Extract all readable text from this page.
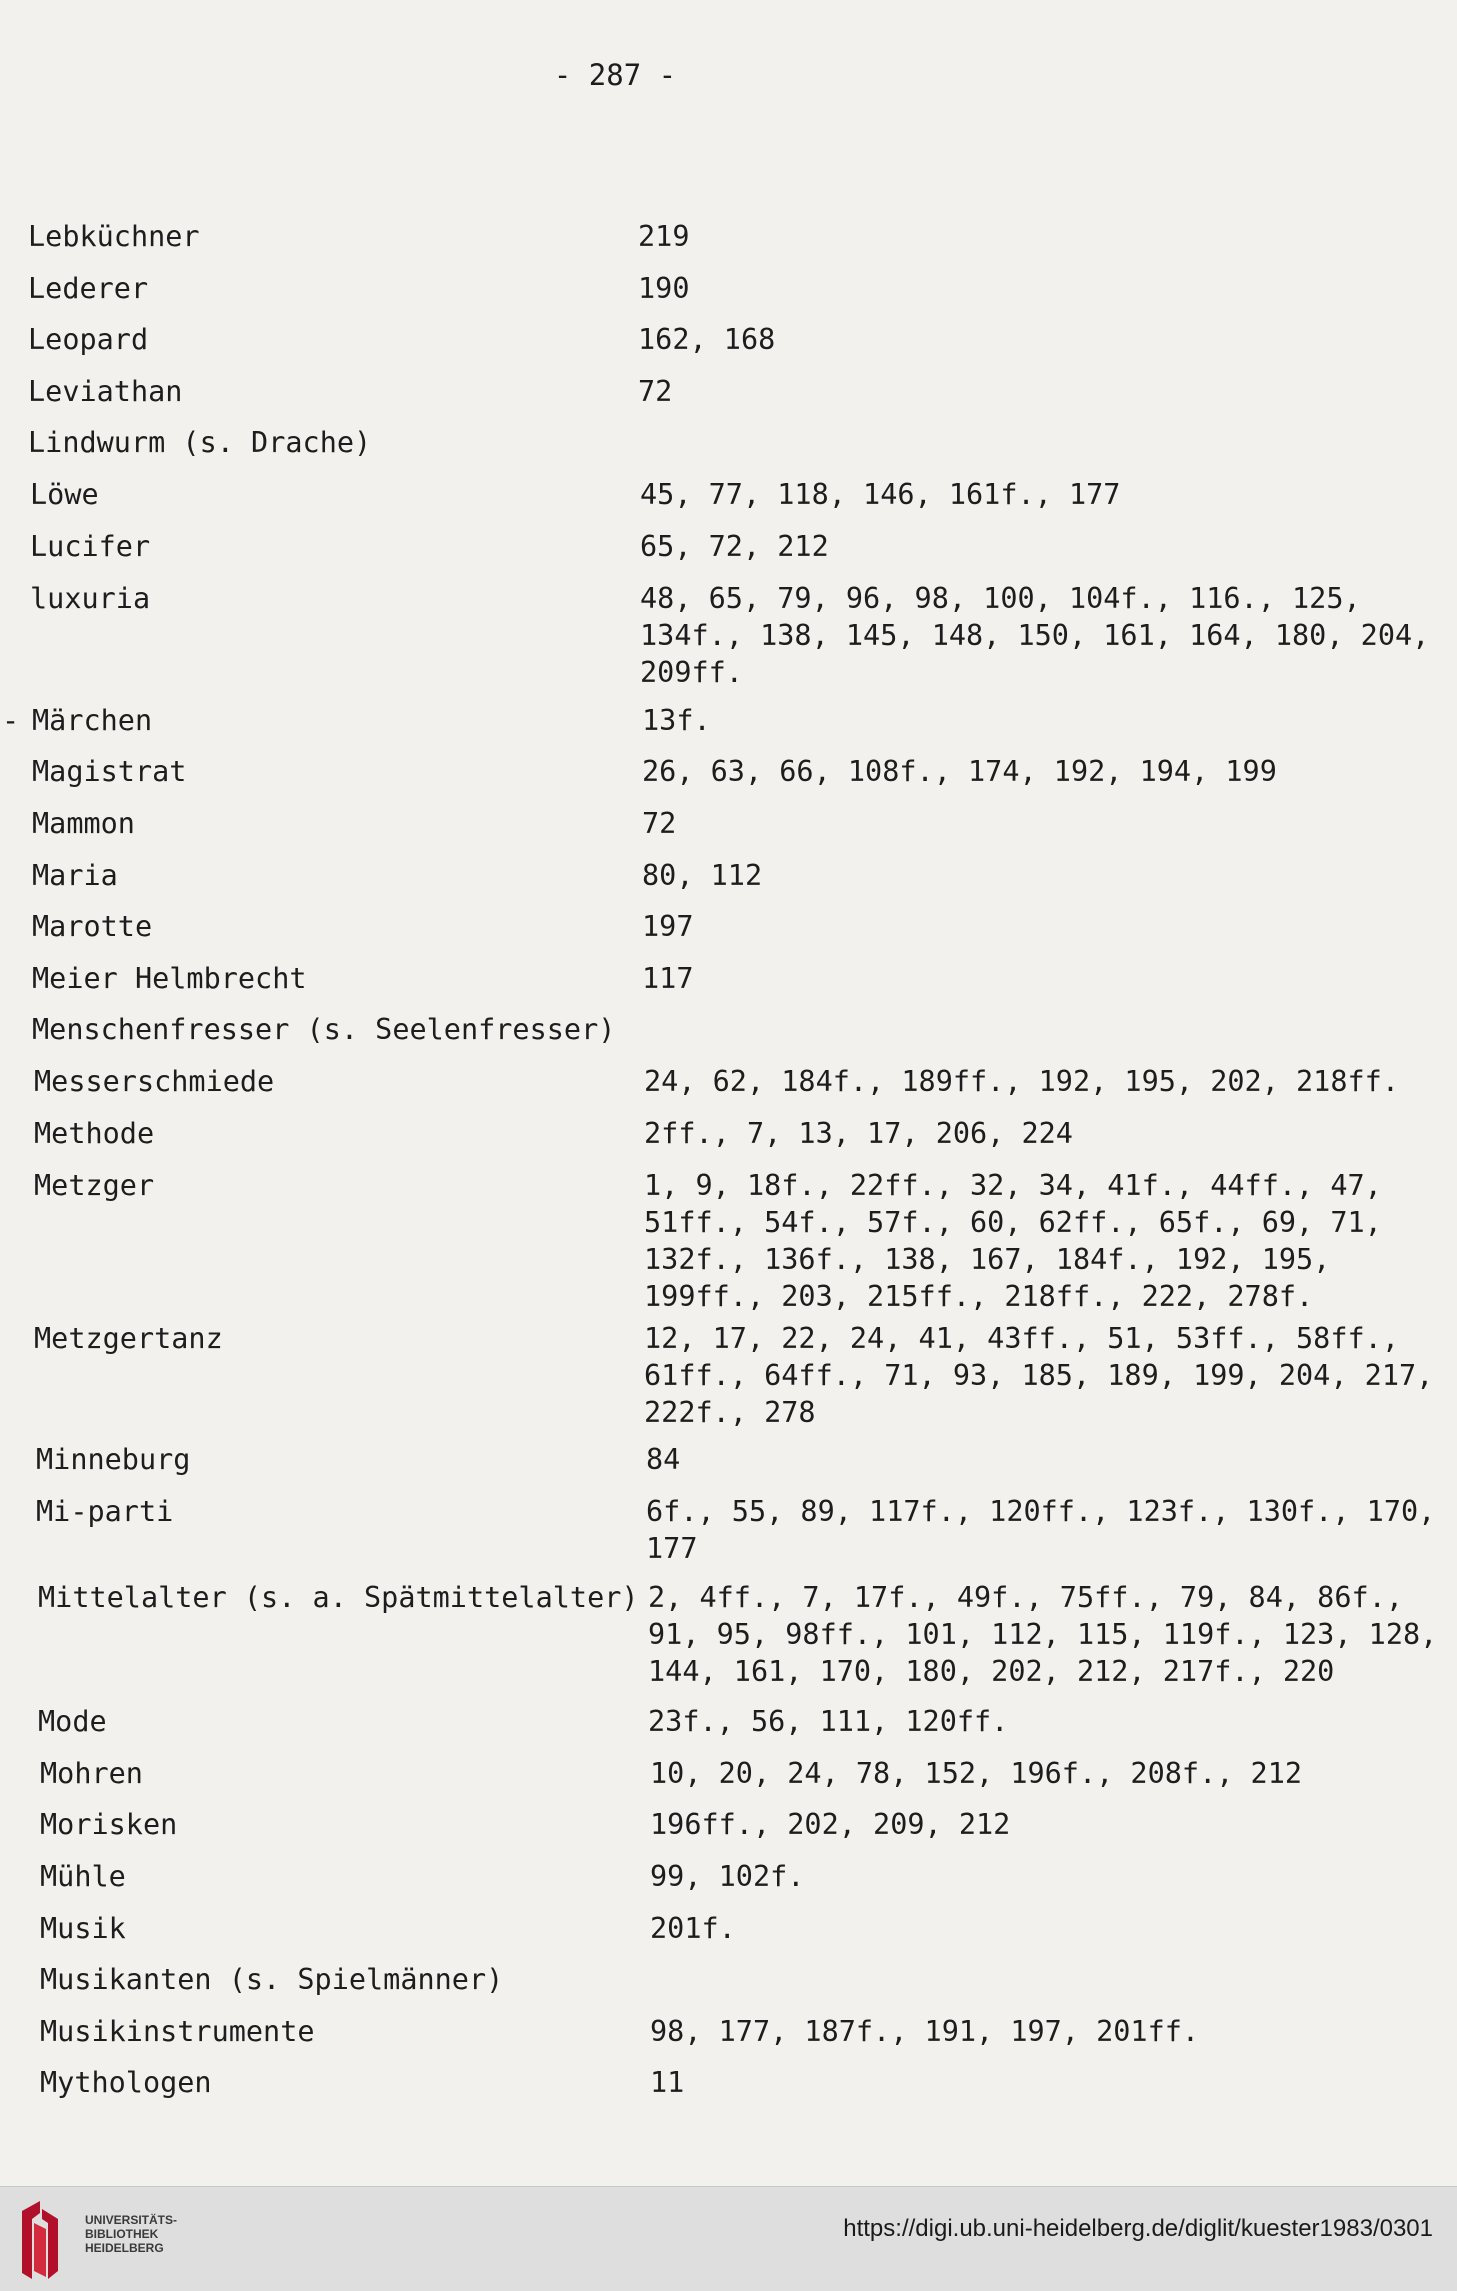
- 287 -
-
Lebküchner	219
Lederer	190
Leopard	162, 168
Leviathan	72
Lindwurm (s. Drache)
Löwe	45, 77, 118, 146, 161f., 177
Lucifer	65, 72, 212
luxuria	48, 65, 79, 96, 98, 100, 104f., 116., 125,
134f., 138, 145, 148, 150, 161, 164, 180, 204,
209ff.
Märchen	13f.
Magistrat	26, 63, 66, 108f., 174, 192, 194, 199
Mammon	72
Maria	80, 112
Marotte	197
Meier Helmbrecht	117
Menschenfresser (s. Seelenfresser)
Messerschmiede	24, 62, 184f., 189ff., 192, 195, 202, 218ff.
Methode	2ff., 7, 13, 17, 206, 224
Metzger	1, 9, 18f., 22ff., 32, 34, 41f., 44ff., 47,
51ff., 54f., 57f., 60, 62ff., 65f., 69, 71,
132f., 136f., 138, 167, 184f., 192, 195,
199ff., 203, 215ff., 218ff., 222, 278f.
Metzgertanz	12, 17, 22, 24, 41, 43ff., 51, 53ff., 58ff.,
61ff., 64ff., 71, 93, 185, 189, 199, 204, 217,
222f., 278
Minneburg	84
Mi-parti	6f., 55, 89, 117f., 120ff., 123f., 130f., 170,
177
Mittelalter (s. a. Spätmittelalter) 2, 4ff., 7, 17f., 49f., 75ff., 79, 84, 86f.,
91, 95, 98ff., 101, 112, 115, 119f., 123, 128,
144, 161, 170, 180, 202, 212, 217f., 220
Mode	23f., 56, 111, 120ff.
Mohren	10, 20, 24, 78, 152, 196f., 208f., 212
Morisken	196ff., 202, 209, 212
Mühle	99, 102f.
Musik	201f.
Musikanten (s. Spielmänner)
Musikinstrumente	98, 177, 187f., 191, 197, 201ff.
Mythologen	11
UNIVERSITÄTS-
BIBLIOTHEK
HEIDELBERG
https://digi.ub.uni-heidelberg.de/diglit/kuester1983/0301
